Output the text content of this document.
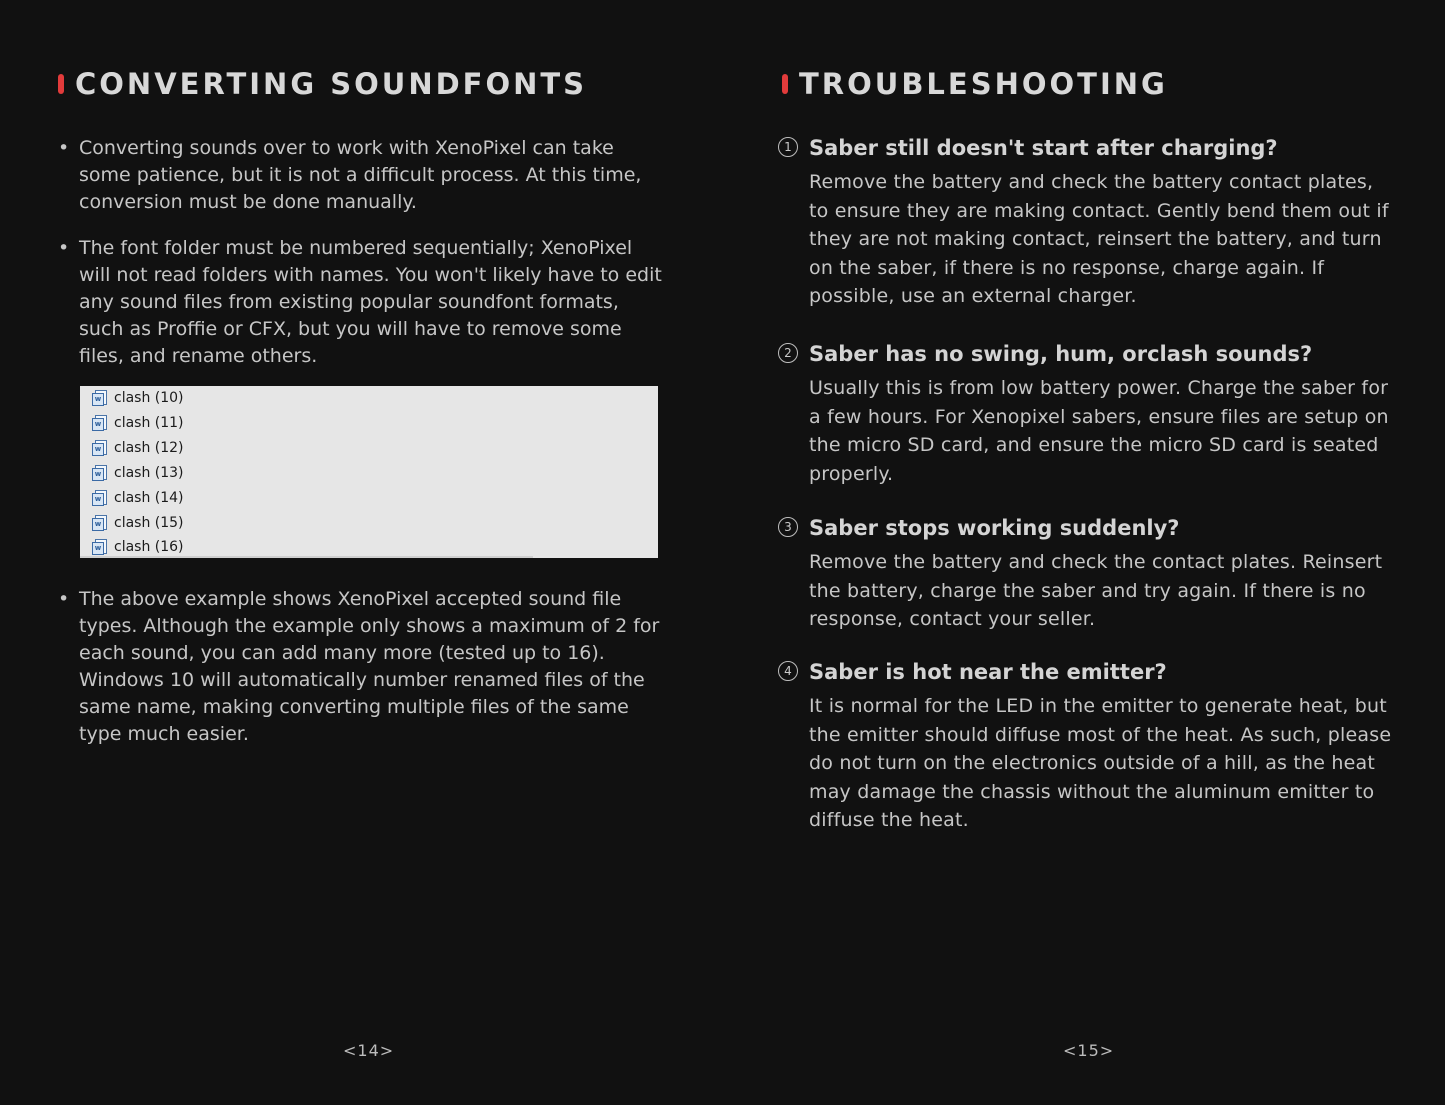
CONVERTING SOUNDFONTS
• Converting sounds over to work with XenoPixel can take some patience, but it is not a difficult process. At this time, conversion must be done manually.
• The font folder must be numbered sequentially; XenoPixel will not read folders with names. You won't likely have to edit any sound files from existing popular soundfont formats, such as Proffie or CFX, but you will have to remove some files, and rename others.
w clash (10)
w clash (11)
w clash (12)
w clash (13)
w clash (14)
w clash (15)
w clash (16)
• The above example shows XenoPixel accepted sound file types. Although the example only shows a maximum of 2 for each sound, you can add many more (tested up to 16). Windows 10 will automatically number renamed files of the same name, making converting multiple files of the same type much easier.
<14>
TROUBLESHOOTING
1 Saber still doesn't start after charging?
Remove the battery and check the battery contact plates, to ensure they are making contact. Gently bend them out if they are not making contact, reinsert the battery, and turn on the saber, if there is no response, charge again. If possible, use an external charger.
2 Saber has no swing, hum, orclash sounds?
Usually this is from low battery power. Charge the saber for a few hours. For Xenopixel sabers, ensure files are setup on the micro SD card, and ensure the micro SD card is seated properly.
3 Saber stops working suddenly?
Remove the battery and check the contact plates. Reinsert the battery, charge the saber and try again. If there is no response, contact your seller.
4 Saber is hot near the emitter?
It is normal for the LED in the emitter to generate heat, but the emitter should diffuse most of the heat. As such, please do not turn on the electronics outside of a hill, as the heat may damage the chassis without the aluminum emitter to diffuse the heat.
<15>
